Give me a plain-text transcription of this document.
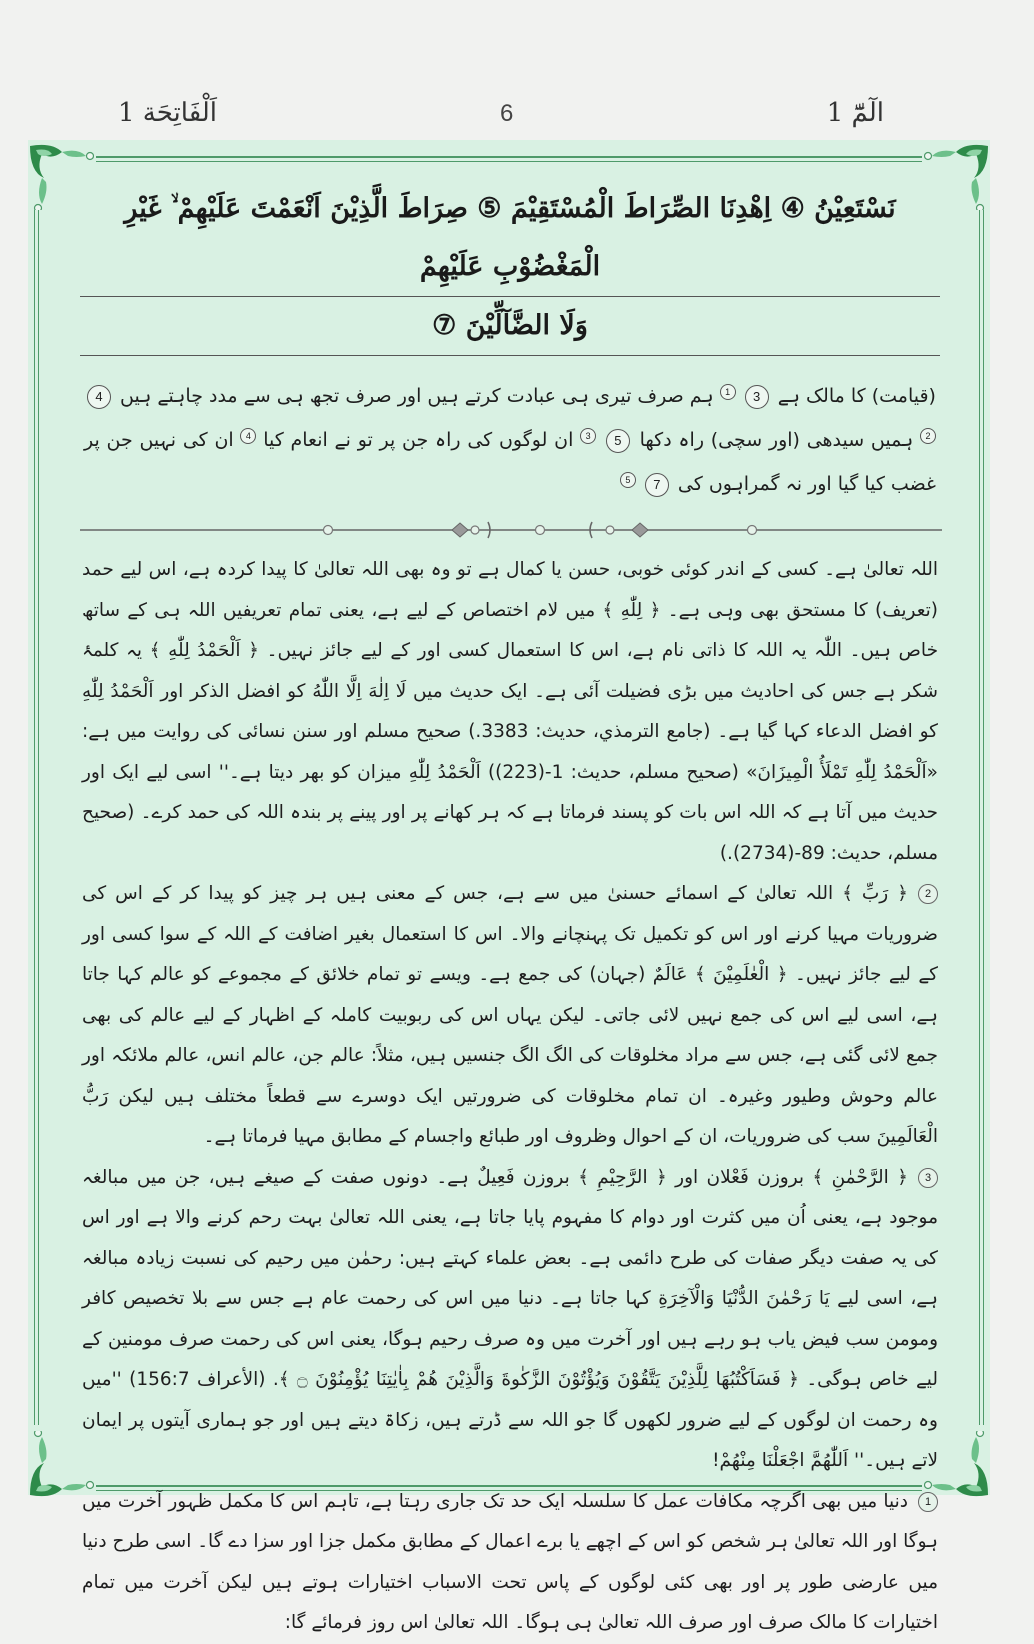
اَلْفَاتِحَة 1	6	الٓمّٓ 1
نَسْتَعِيْنُ ④ اِهْدِنَا الصِّرَاطَ الْمُسْتَقِيْمَ ⑤ صِرَاطَ الَّذِيْنَ اَنْعَمْتَ عَلَيْهِمْ ۙ غَيْرِ الْمَغْضُوْبِ عَلَيْهِمْ
وَلَا الضَّآلِّيْنَ ⑦
(قیامت) کا مالک ہے 3 1 ہم صرف تیری ہی عبادت کرتے ہیں اور صرف تجھ ہی سے مدد چاہتے ہیں 4 2 ہمیں سیدھی (اور سچی) راہ دکھا 5 3 ان لوگوں کی راہ جن پر تو نے انعام کیا 4 ان کی نہیں جن پر غضب کیا گیا اور نہ گمراہوں کی 7 5

اللہ تعالیٰ ہے۔ کسی کے اندر کوئی خوبی، حسن یا کمال ہے تو وہ بھی اللہ تعالیٰ کا پیدا کردہ ہے، اس لیے حمد (تعریف) کا مستحق بھی وہی ہے۔ ﴿ لِلّٰهِ ﴾ میں لام اختصاص کے لیے ہے، یعنی تمام تعریفیں اللہ ہی کے ساتھ خاص ہیں۔ اللّٰہ یہ اللہ کا ذاتی نام ہے، اس کا استعمال کسی اور کے لیے جائز نہیں۔ ﴿ اَلْحَمْدُ لِلّٰهِ ﴾ یہ کلمۂ شکر ہے جس کی احادیث میں بڑی فضیلت آئی ہے۔ ایک حدیث میں لَا اِلٰهَ اِلَّا اللّٰهُ کو افضل الذکر اور اَلْحَمْدُ لِلّٰهِ کو افضل الدعاء کہا گیا ہے۔ (جامع الترمذي، حديث: 3383.) صحیح مسلم اور سنن نسائی کی روایت میں ہے: «اَلْحَمْدُ لِلّٰهِ تَمْلَأُ الْمِيزَانَ» (صحيح مسلم، حديث: 1-(223)) اَلْحَمْدُ لِلّٰهِ میزان کو بھر دیتا ہے۔'' اسی لیے ایک اور حدیث میں آتا ہے کہ اللہ اس بات کو پسند فرماتا ہے کہ ہر کھانے پر اور پینے پر بندہ اللہ کی حمد کرے۔ (صحيح مسلم، حديث: 89-(2734).)

2﴿ رَبِّ ﴾ اللہ تعالیٰ کے اسمائے حسنیٰ میں سے ہے، جس کے معنی ہیں ہر چیز کو پیدا کر کے اس کی ضروریات مہیا کرنے اور اس کو تکمیل تک پہنچانے والا۔ اس کا استعمال بغیر اضافت کے اللہ کے سوا کسی اور کے لیے جائز نہیں۔ ﴿ الْعٰلَمِيْنَ ﴾ عَالَمٌ (جہان) کی جمع ہے۔ ویسے تو تمام خلائق کے مجموعے کو عالم کہا جاتا ہے، اسی لیے اس کی جمع نہیں لائی جاتی۔ لیکن یہاں اس کی ربوبیت کاملہ کے اظہار کے لیے عالم کی بھی جمع لائی گئی ہے، جس سے مراد مخلوقات کی الگ الگ جنسیں ہیں، مثلاً: عالم جن، عالم انس، عالم ملائکہ اور عالم وحوش وطیور وغیرہ۔ ان تمام مخلوقات کی ضرورتیں ایک دوسرے سے قطعاً مختلف ہیں لیکن رَبُّ الْعَالَمِينَ سب کی ضروریات، ان کے احوال وظروف اور طبائع واجسام کے مطابق مہیا فرماتا ہے۔

3﴿ الرَّحْمٰنِ ﴾ بروزن فَعْلان اور ﴿ الرَّحِيْمِ ﴾ بروزن فَعِيلٌ ہے۔ دونوں صفت کے صیغے ہیں، جن میں مبالغہ موجود ہے، یعنی اُن میں کثرت اور دوام کا مفہوم پایا جاتا ہے، یعنی اللہ تعالیٰ بہت رحم کرنے والا ہے اور اس کی یہ صفت دیگر صفات کی طرح دائمی ہے۔ بعض علماء کہتے ہیں: رحمٰن میں رحیم کی نسبت زیادہ مبالغہ ہے، اسی لیے یَا رَحْمٰنَ الدُّنْيَا وَالْآخِرَةِ کہا جاتا ہے۔ دنیا میں اس کی رحمت عام ہے جس سے بلا تخصیص کافر ومومن سب فیض یاب ہو رہے ہیں اور آخرت میں وہ صرف رحیم ہوگا، یعنی اس کی رحمت صرف مومنین کے لیے خاص ہوگی۔ ﴿ فَسَاَكْتُبُهَا لِلَّذِيْنَ يَتَّقُوْنَ وَيُؤْتُوْنَ الزَّكٰوةَ وَالَّذِيْنَ هُمْ بِاٰيٰتِنَا يُؤْمِنُوْنَ ۝ ﴾. (الأعراف 156:7) ''میں وہ رحمت ان لوگوں کے لیے ضرور لکھوں گا جو اللہ سے ڈرتے ہیں، زکاۃ دیتے ہیں اور جو ہماری آیتوں پر ایمان لاتے ہیں۔'' اَللّٰهُمَّ اجْعَلْنَا مِنْهُمْ!

1دنیا میں بھی اگرچہ مکافات عمل کا سلسلہ ایک حد تک جاری رہتا ہے، تاہم اس کا مکمل ظہور آخرت میں ہوگا اور اللہ تعالیٰ ہر شخص کو اس کے اچھے یا برے اعمال کے مطابق مکمل جزا اور سزا دے گا۔ اسی طرح دنیا میں عارضی طور پر اور بھی کئی لوگوں کے پاس تحت الاسباب اختیارات ہوتے ہیں لیکن آخرت میں تمام اختیارات کا مالک صرف اور صرف اللہ تعالیٰ ہی ہوگا۔ اللہ تعالیٰ اس روز فرمائے گا:
